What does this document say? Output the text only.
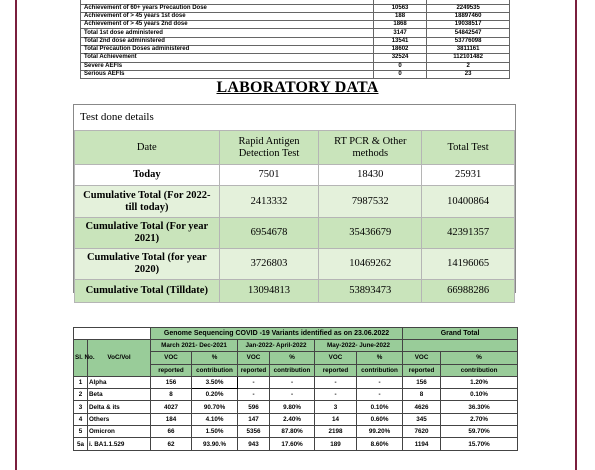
Achievement of 60+ years Precaution Dose	10563	2249535
Achievement of > 45 years 1st dose	188	18897460
Achievement of > 45 years 2nd dose	1868	19038517
Total 1st dose administered	3147	54842547
Total 2nd dose administered	13541	53776098
Total Precaution Doses administered	18602	3811161
Total Achievement	32524	112101482
Severe AEFIs	0	2
Serious AEFIs	0	23
LABORATORY DATA
Test done details
Date	Rapid Antigen Detection Test	RT PCR & Other methods	Total Test
Today	7501	18430	25931
Cumulative Total (For 2022- till today)	2413332	7987532	10400864
Cumulative Total (For year 2021)	6954678	35436679	42391357
Cumulative Total (for year 2020)	3726803	10469262	14196065
Cumulative Total (Tilldate)	13094813	53893473	66988286
		Genome Sequencing COVID -19 Variants identified as on 23.06.2022						Grand Total	
Sl. No.	VoC/VoI	March 2021- Dec-2021		Jan-2022- April-2022		May-2022- June-2022			
		VOC	%	VOC	%	VOC	%	VOC	%
		reported	contribution	reported	contribution	reported	contribution	reported	contribution
1	Alpha	156	3.50%	-	-	-	-	156	1.20%
2	Beta	8	0.20%	-	-	-	-	8	0.10%
3	Delta & its	4027	90.70%	596	9.80%	3	0.10%	4626	36.30%
4	Others	184	4.10%	147	2.40%	14	0.60%	345	2.70%
5	Omicron	66	1.50%	5356	87.80%	2198	99.20%	7620	59.70%
5a	i. BA1.1.529	62	93.90.%	943	17.60%	189	8.60%	1194	15.70%
